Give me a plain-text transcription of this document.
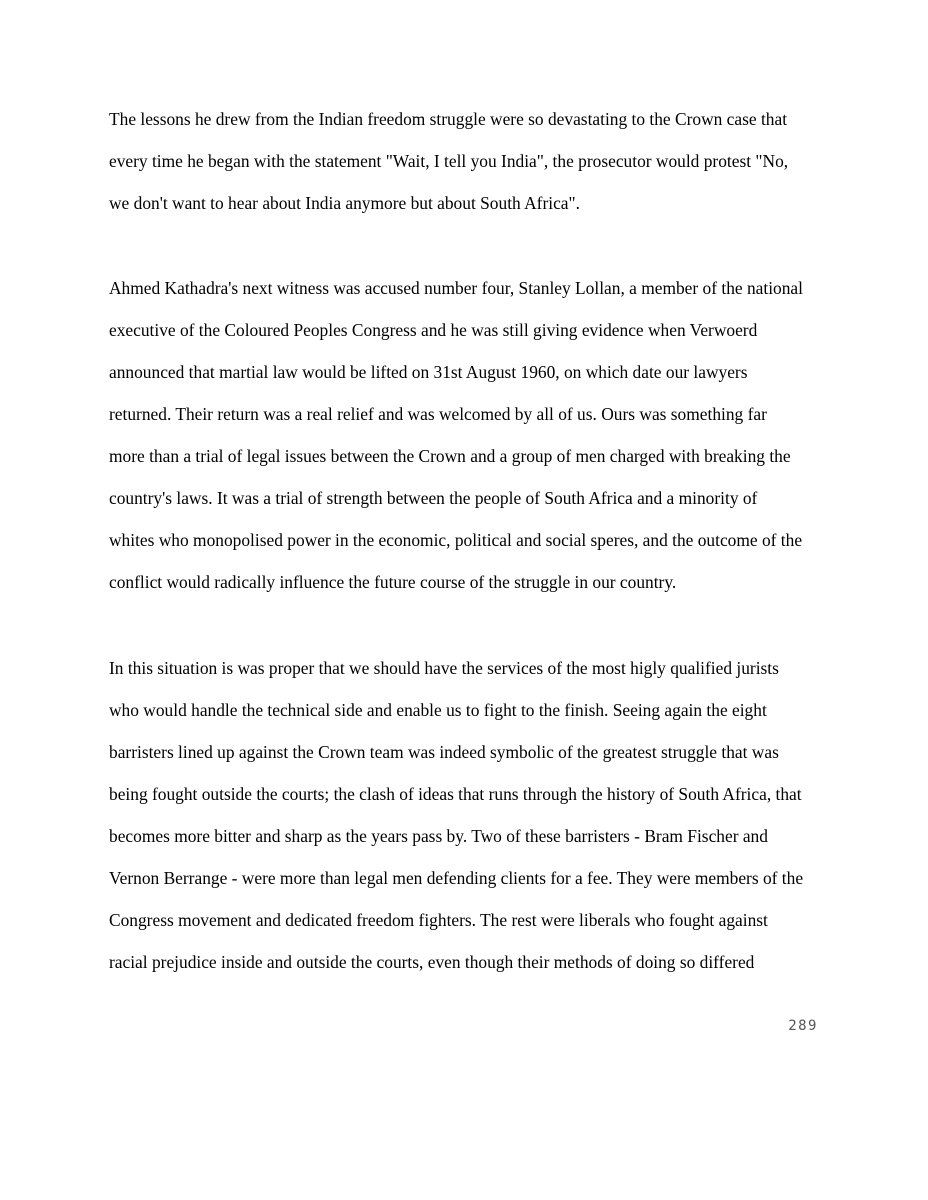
The lessons he drew from the Indian freedom struggle were so devastating to the Crown case that
every time he began with the statement "Wait, I tell you India", the prosecutor would protest "No,
we don't want to hear about India anymore but about South Africa".
Ahmed Kathadra's next witness was accused number four, Stanley Lollan, a member of the national
executive of the Coloured Peoples Congress and he was still giving evidence when Verwoerd
announced that martial law would be lifted on 31st August 1960, on which date our lawyers
returned. Their return was a real relief and was welcomed by all of us. Ours was something far
more than a trial of legal issues between the Crown and a group of men charged with breaking the
country's laws. It was a trial of strength between the people of South Africa and a minority of
whites who monopolised power in the economic, political and social speres, and the outcome of the
conflict would radically influence the future course of the struggle in our country.
In this situation is was proper that we should have the services of the most higly qualified jurists
who would handle the technical side and enable us to fight to the finish. Seeing again the eight
barristers lined up against the Crown team was indeed symbolic of the greatest struggle that was
being fought outside the courts; the clash of ideas that runs through the history of South Africa, that
becomes more bitter and sharp as the years pass by. Two of these barristers - Bram Fischer and
Vernon Berrange - were more than legal men defending clients for a fee. They were members of the
Congress movement and dedicated freedom fighters. The rest were liberals who fought against
racial prejudice inside and outside the courts, even though their methods of doing so differed
289
